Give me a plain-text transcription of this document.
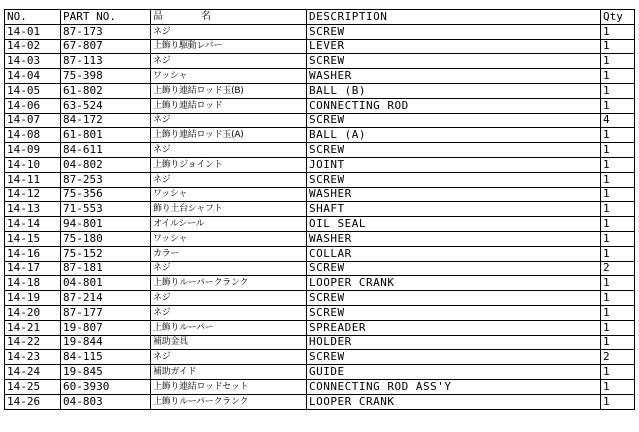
NO.	PART NO.	品 名	DESCRIPTION	Qty
14-01	87-173	ネジ	SCREW	1
14-02	67-807	上飾り駆動レバー	LEVER	1
14-03	87-113	ネジ	SCREW	1
14-04	75-398	ワッシャ	WASHER	1
14-05	61-802	上飾り連結ロッド玉(B)	BALL (B)	1
14-06	63-524	上飾り連結ロッド	CONNECTING ROD	1
14-07	84-172	ネジ	SCREW	4
14-08	61-801	上飾り連結ロッド玉(A)	BALL (A)	1
14-09	84-611	ネジ	SCREW	1
14-10	04-802	上飾りジョイント	JOINT	1
14-11	87-253	ネジ	SCREW	1
14-12	75-356	ワッシャ	WASHER	1
14-13	71-553	飾り土台シャフト	SHAFT	1
14-14	94-801	オイルシール	OIL SEAL	1
14-15	75-180	ワッシャ	WASHER	1
14-16	75-152	カラー	COLLAR	1
14-17	87-181	ネジ	SCREW	2
14-18	04-801	上飾りルーパークランク	LOOPER CRANK	1
14-19	87-214	ネジ	SCREW	1
14-20	87-177	ネジ	SCREW	1
14-21	19-807	上飾りルーパー	SPREADER	1
14-22	19-844	補助金具	HOLDER	1
14-23	84-115	ネジ	SCREW	2
14-24	19-845	補助ガイド	GUIDE	1
14-25	60-3930	上飾り連結ロッドセット	CONNECTING ROD ASS'Y	1
14-26	04-803	上飾りルーパークランク	LOOPER CRANK	1
